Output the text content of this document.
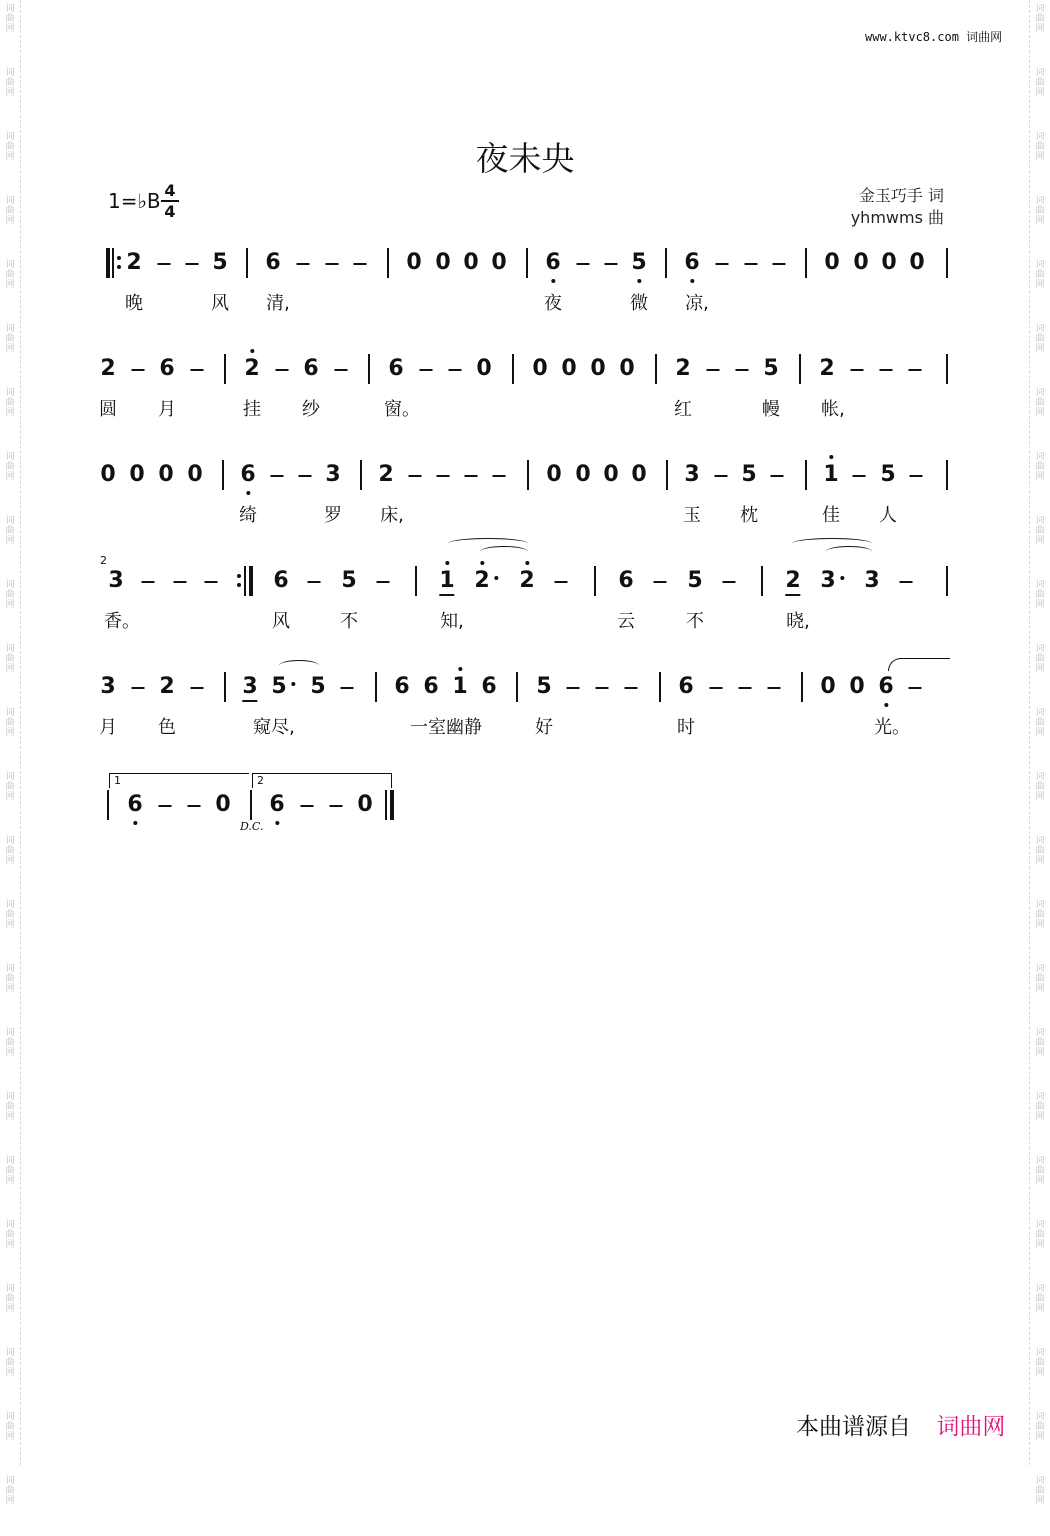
词
曲
网
词
曲
网
词
曲
网
词
曲
网
词
曲
网
词
曲
网
词
曲
网
词
曲
网
词
曲
网
词
曲
网
词
曲
网
词
曲
网
词
曲
网
词
曲
网
词
曲
网
词
曲
网
词
曲
网
词
曲
网
词
曲
网
词
曲
网
词
曲
网
词
曲
网
词
曲
网
词
曲
网
词
曲
网
词
曲
网
词
曲
网
词
曲
网
词
曲
网
词
曲
网
词
曲
网
词
曲
网
词
曲
网
词
曲
网
词
曲
网
词
曲
网
词
曲
网
词
曲
网
词
曲
网
词
曲
网
词
曲
网
词
曲
网
词
曲
网
词
曲
网
词
曲
网
词
曲
网
词
曲
网
词
曲
网
www.ktvc8.com 词曲网
夜未央
1=♭B 4
4
金玉巧手 词
yhmwms 曲
2	5 6	0 0 0 0 6	5 6	0 0 0 0
晚	风 清,	夜	微 凉,
2 6	2 6	6	0 0 0 0 0 2	5 2
圆 月	挂 纱	窗。	红	幔 帐,
0 0 0 0 6	3 2	0 0 0 0 3 5	1 5
绮	罗 床,	玉 枕	佳 人
2
3	6 5	1 2 2	6 5	2 3 3
香。	风	不	知,	云	不	晓,
3 2	3 5 5	6 6 1 6 5	6	0 0 6
月 色	窥尽,	一室幽静	好	时	光。
1	2
6	0
D.C.
6	0
本曲谱源自 词曲网
